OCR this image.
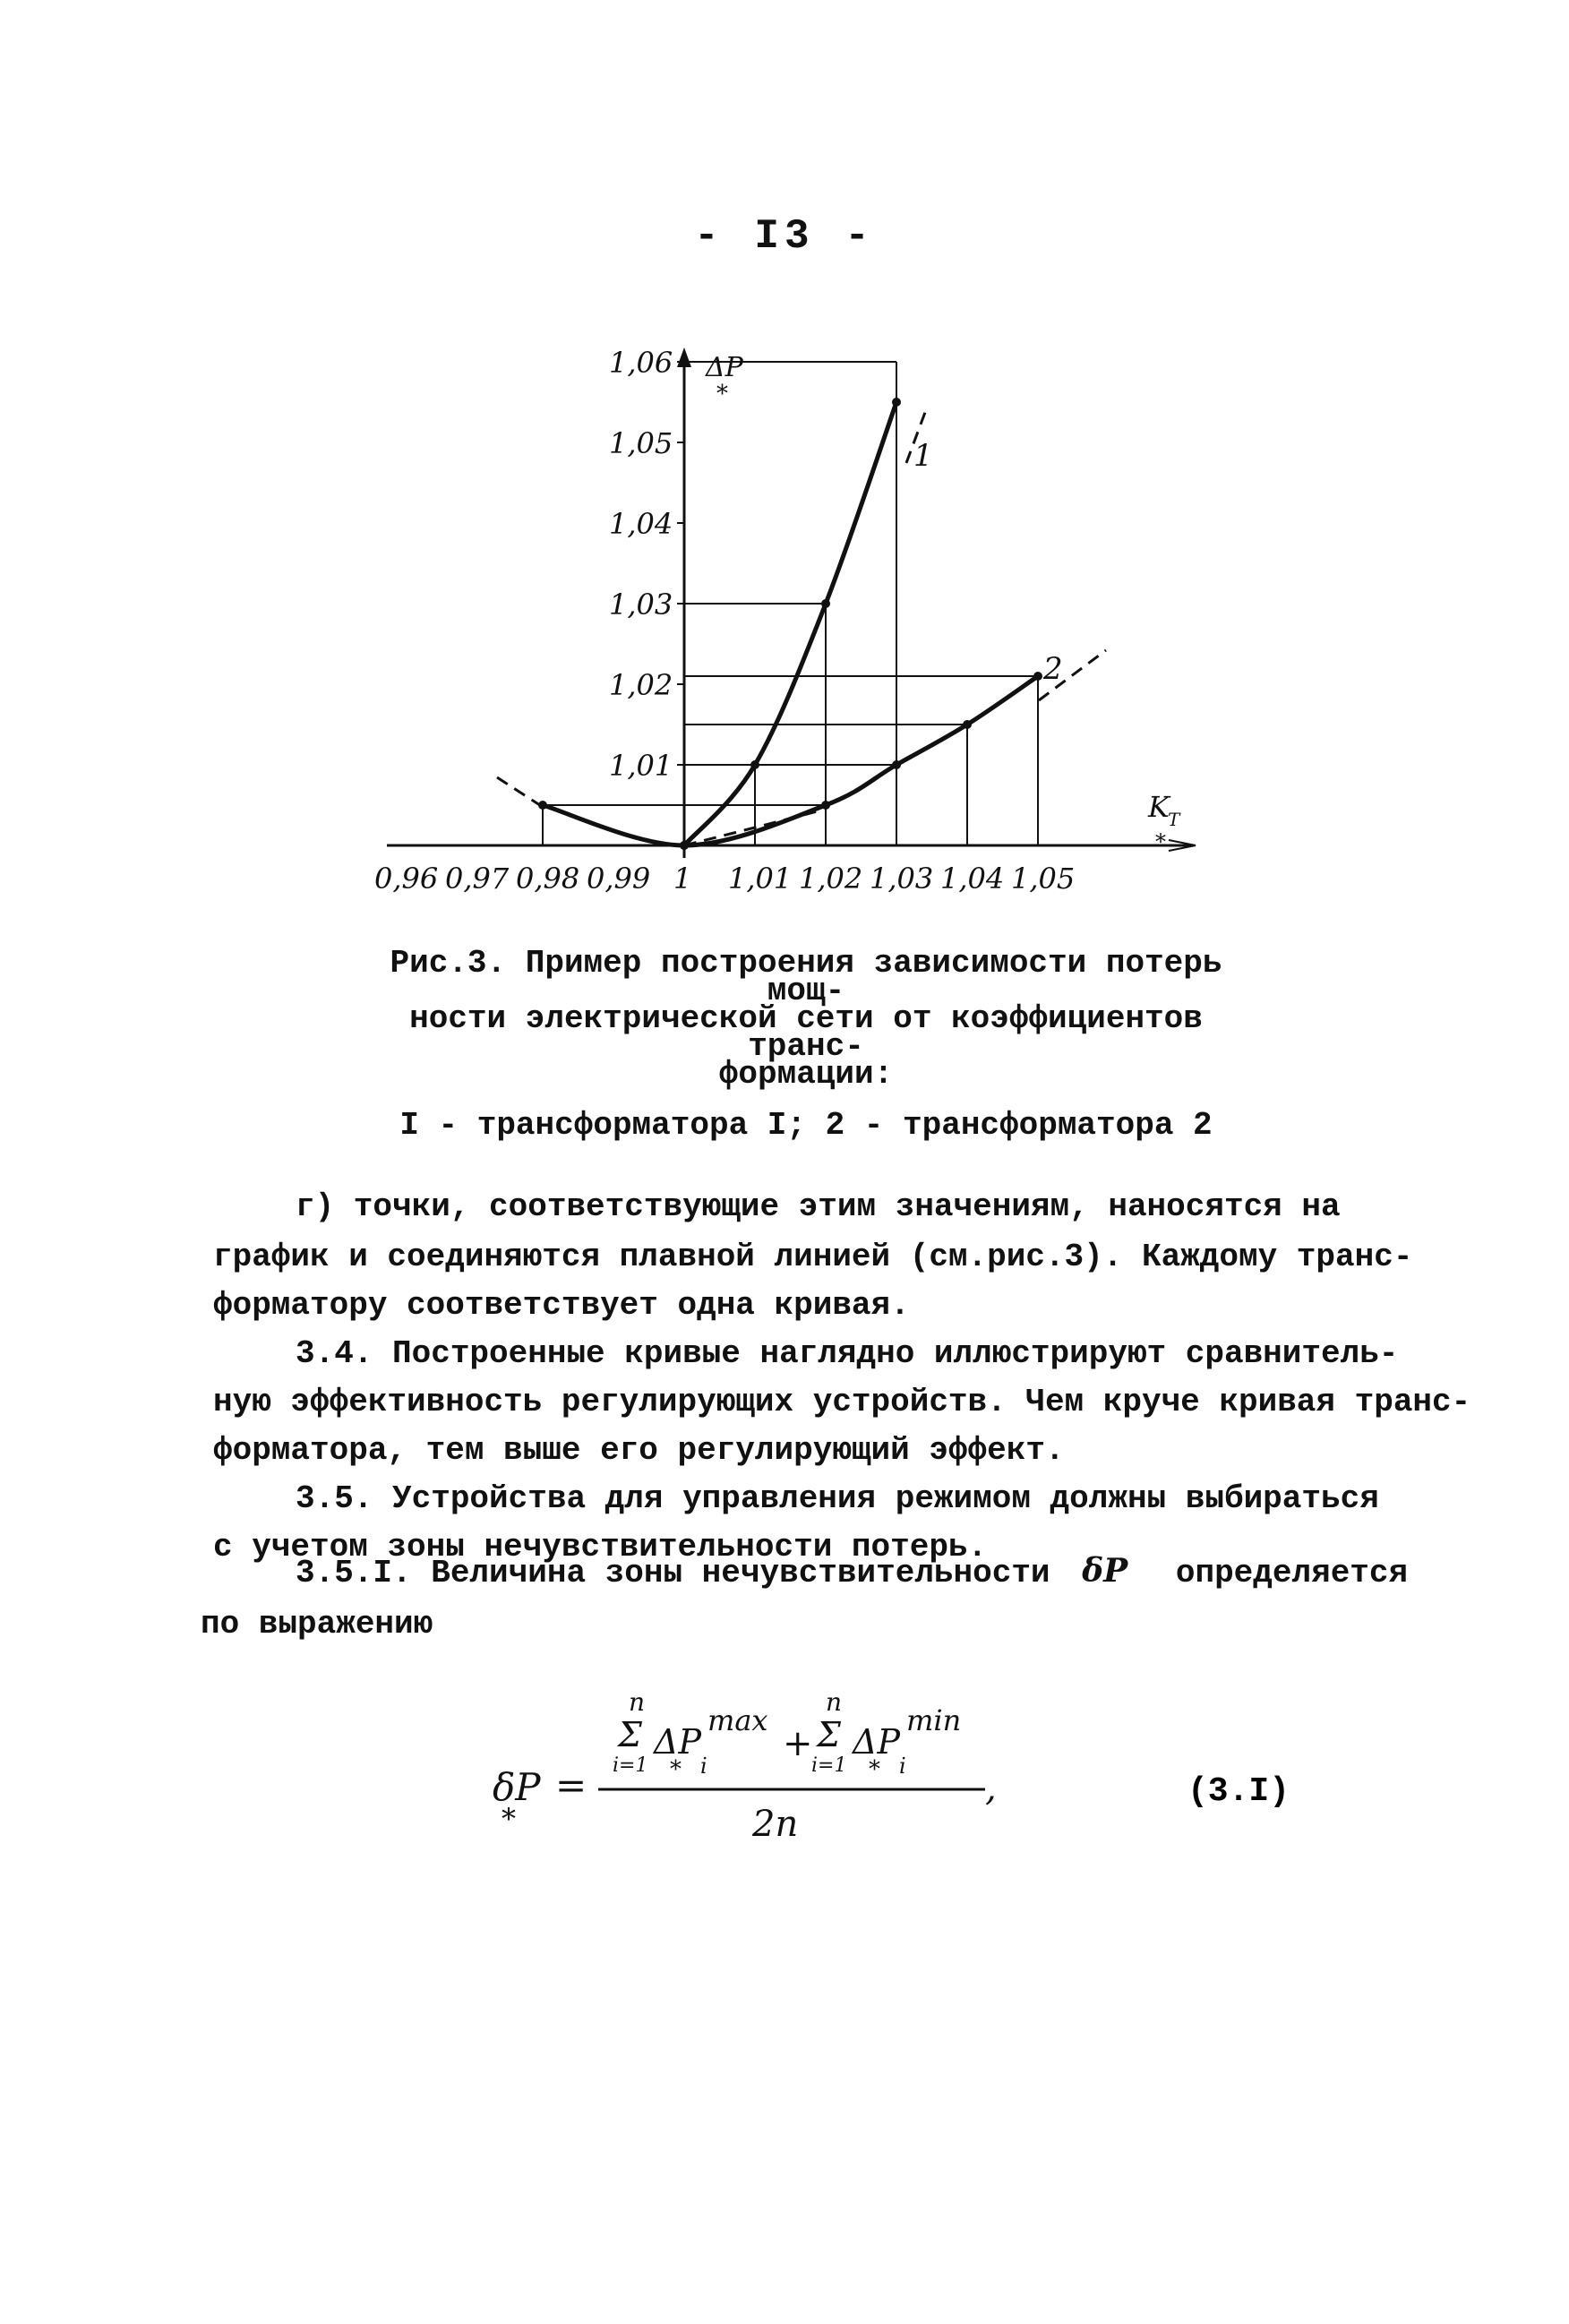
- I3 -
ΔP
*
K
T
*
0,96 0,97 0,98 0,99 1 1,01 1,02 1,03 1,04 1,05
1,01
1,02
1,03
1,04
1,05
1,06
1
2
Рис.3. Пример построения зависимости потерь мощ-
ности электрической сети от коэффициентов транс-
формации:
I - трансформатора I; 2 - трансформатора 2
г) точки, соответствующие этим значениям, наносятся на
график и соединяются плавной линией (см.рис.3). Каждому транс-
форматору соответствует одна кривая.
3.4. Построенные кривые наглядно иллюстрируют сравнитель-
ную эффективность регулирующих устройств. Чем круче кривая транс-
форматора, тем выше его регулирующий эффект.
3.5. Устройства для управления режимом должны выбираться
с учетом зоны нечувствительности потерь.
3.5.I. Величина зоны нечувствительности δP определяется
по выражению
δP
*
=
n
Σ
i=1
ΔP
* i
max
+
n
Σ
i=1
ΔP
* i
min
2n
,	(3.I)
